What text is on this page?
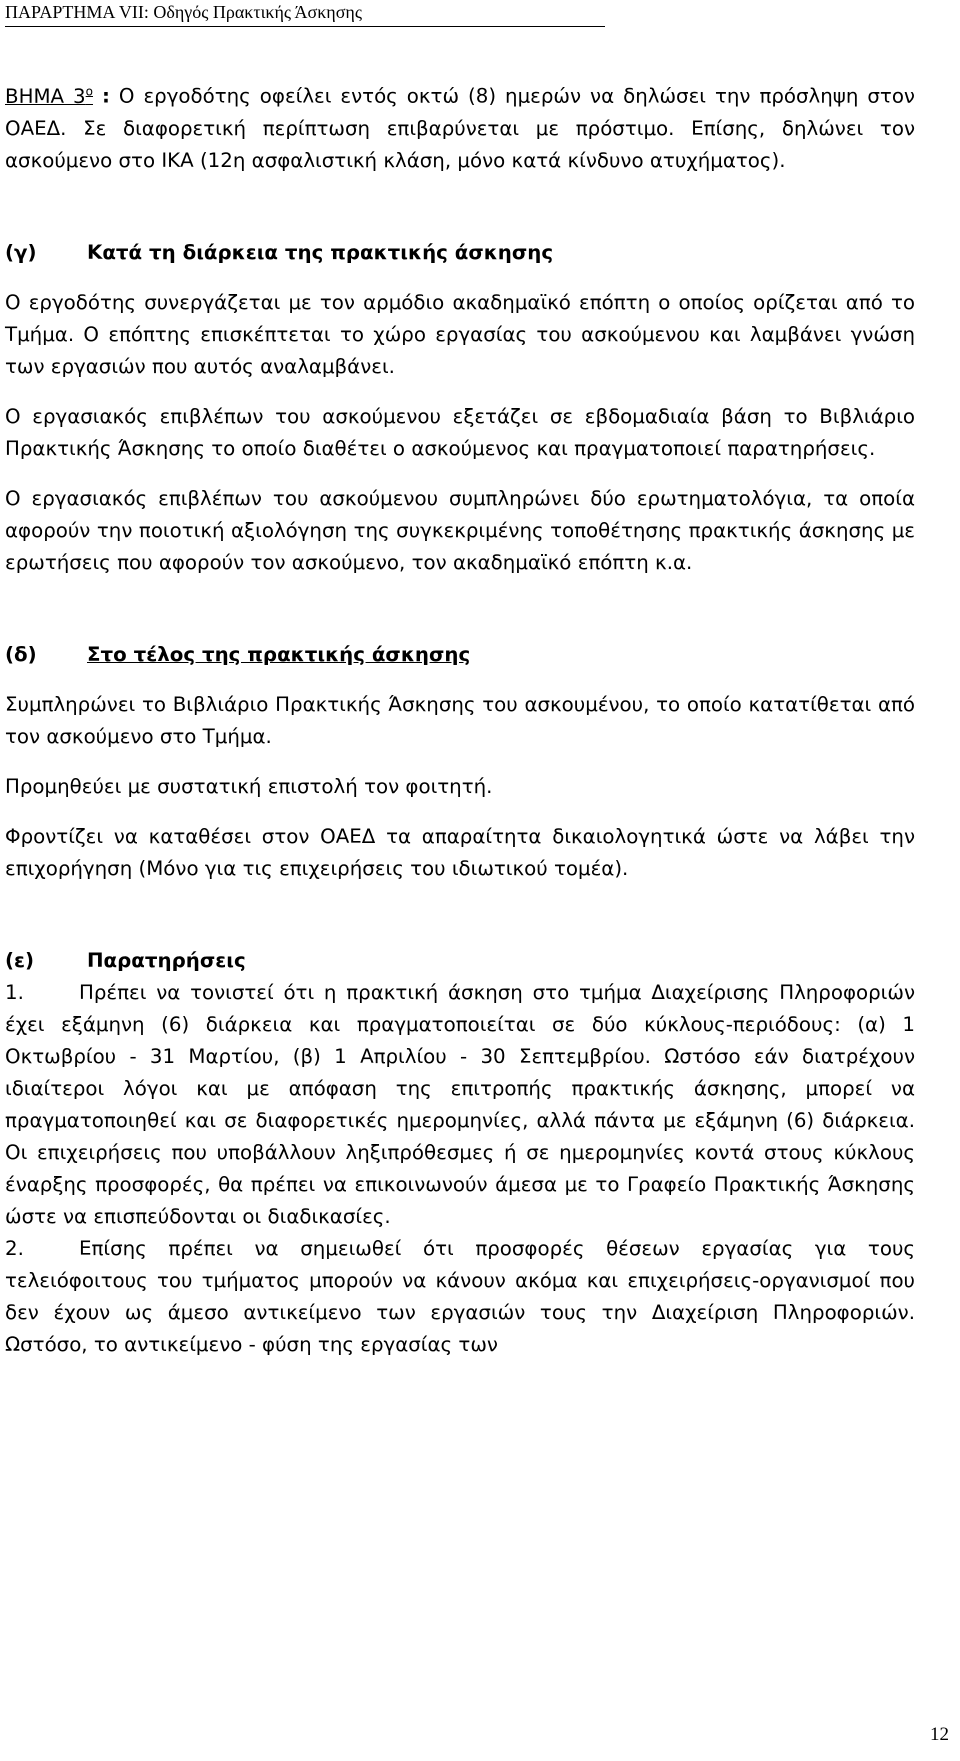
ΠΑΡΑΡΤΗΜΑ VII: Οδηγός Πρακτικής Άσκησης

ΒΗΜΑ $3^o$ : Ο εργοδότης οφείλει εντός οκτώ (8) ημερών να δηλώσει την πρόσληψη στον ΟΑΕΔ. Σε διαφορετική περίπτωση επιβαρύνεται με πρόστιμο. Επίσης, δηλώνει τον ασκούμενο στο ΙΚΑ (12η ασφαλιστική κλάση, μόνο κατά κίνδυνο ατυχήματος).

(γ)	Κατά τη διάρκεια της πρακτικής άσκησης

Ο εργοδότης συνεργάζεται με τον αρμόδιο ακαδημαϊκό επόπτη ο οποίος ορίζεται από το Τμήμα. Ο επόπτης επισκέπτεται το χώρο εργασίας του ασκούμενου και λαμβάνει γνώση των εργασιών που αυτός αναλαμβάνει.

Ο εργασιακός επιβλέπων του ασκούμενου εξετάζει σε εβδομαδιαία βάση το Βιβλιάριο Πρακτικής Άσκησης το οποίο διαθέτει ο ασκούμενος και πραγματοποιεί παρατηρήσεις.

Ο εργασιακός επιβλέπων του ασκούμενου συμπληρώνει δύο ερωτηματολόγια, τα οποία αφορούν την ποιοτική αξιολόγηση της συγκεκριμένης τοποθέτησης πρακτικής άσκησης με ερωτήσεις που αφορούν τον ασκούμενο, τον ακαδημαϊκό επόπτη κ.α.

(δ)	Στο τέλος της πρακτικής άσκησης

Συμπληρώνει το Βιβλιάριο Πρακτικής Άσκησης του ασκουμένου, το οποίο κατατίθεται από τον ασκούμενο στο Τμήμα.

Προμηθεύει με συστατική επιστολή τον φοιτητή.

Φροντίζει να καταθέσει στον ΟΑΕΔ τα απαραίτητα δικαιολογητικά ώστε να λάβει την επιχορήγηση (Μόνο για τις επιχειρήσεις του ιδιωτικού τομέα).

(ε)	Παρατηρήσεις

1.	Πρέπει να τονιστεί ότι η πρακτική άσκηση στο τμήμα Διαχείρισης Πληροφοριών έχει εξάμηνη (6) διάρκεια και πραγματοποιείται σε δύο κύκλους-περιόδους: (α) 1 Οκτωβρίου - 31 Μαρτίου, (β) 1 Απριλίου - 30 Σεπτεμβρίου. Ωστόσο εάν διατρέχουν ιδιαίτεροι λόγοι και με απόφαση της επιτροπής πρακτικής άσκησης, μπορεί να πραγματοποιηθεί και σε διαφορετικές ημερομηνίες, αλλά πάντα με εξάμηνη (6) διάρκεια. Οι επιχειρήσεις που υποβάλλουν ληξιπρόθεσμες ή σε ημερομηνίες κοντά στους κύκλους έναρξης προσφορές, θα πρέπει να επικοινωνούν άμεσα με το Γραφείο Πρακτικής Άσκησης ώστε να επισπεύδονται οι διαδικασίες.

2.	Επίσης πρέπει να σημειωθεί ότι προσφορές θέσεων εργασίας για τους τελειόφοιτους του τμήματος μπορούν να κάνουν ακόμα και επιχειρήσεις-οργανισμοί που δεν έχουν ως άμεσο αντικείμενο των εργασιών τους την Διαχείριση Πληροφοριών. Ωστόσο, το αντικείμενο - φύση της εργασίας των

12
